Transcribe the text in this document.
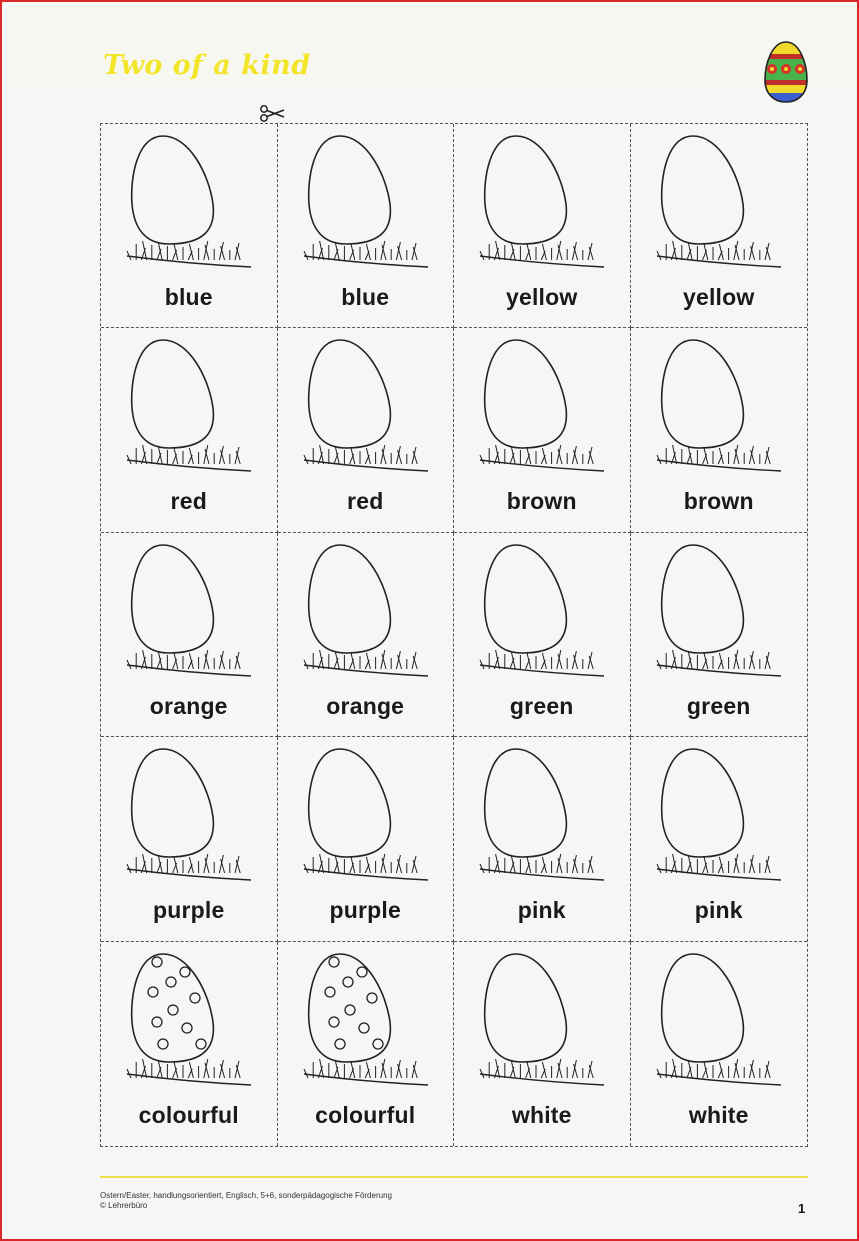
Two of a kind
blue	blue	yellow	yellow
red	red	brown	brown
orange	orange	green	green
purple	purple	pink	pink
colourful	colourful	white	white
Ostern/Easter, handlungsorientiert, Englisch, 5+6, sonderpädagogische Förderung
© Lehrerbüro	1
